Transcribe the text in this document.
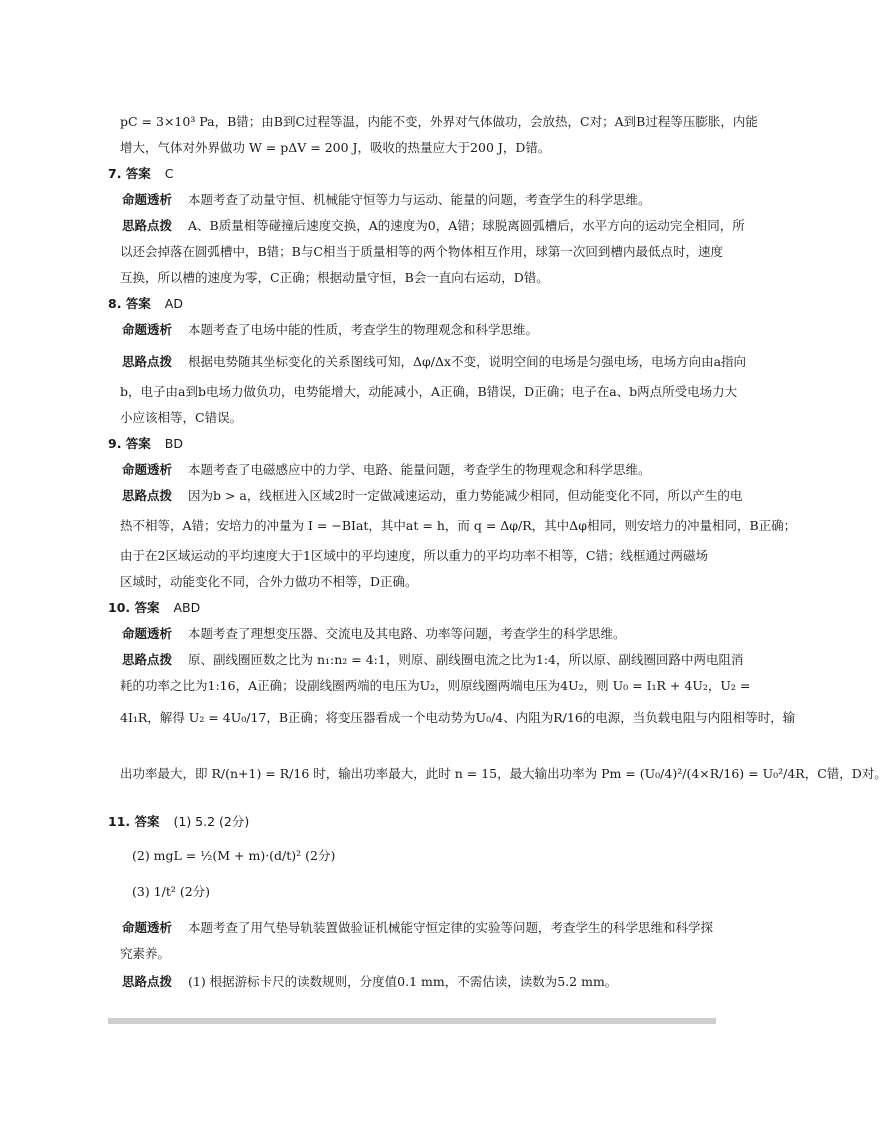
pC = 3×10³ Pa，B错；由B到C过程等温，内能不变，外界对气体做功，会放热，C对；A到B过程等压膨胀，内能
增大，气体对外界做功 W = pΔV = 200 J，吸收的热量应大于200 J，D错。
7. 答案 C
命题透析 本题考查了动量守恒、机械能守恒等力与运动、能量的问题，考查学生的科学思维。
思路点拨 A、B质量相等碰撞后速度交换，A的速度为0，A错；球脱离圆弧槽后，水平方向的运动完全相同，所
以还会掉落在圆弧槽中，B错；B与C相当于质量相等的两个物体相互作用，球第一次回到槽内最低点时，速度
互换，所以槽的速度为零，C正确；根据动量守恒，B会一直向右运动，D错。
8. 答案 AD
命题透析 本题考查了电场中能的性质，考查学生的物理观念和科学思维。
思路点拨 根据电势随其坐标变化的关系图线可知，Δφ/Δx不变，说明空间的电场是匀强电场，电场方向由a指向
b，电子由a到b电场力做负功，电势能增大，动能减小，A正确，B错误，D正确；电子在a、b两点所受电场力大
小应该相等，C错误。
9. 答案 BD
命题透析 本题考查了电磁感应中的力学、电路、能量问题，考查学生的物理观念和科学思维。
思路点拨 因为b > a，线框进入区域2时一定做减速运动，重力势能减少相同，但动能变化不同，所以产生的电
热不相等，A错；安培力的冲量为 I = −BIat，其中at = h，而 q = Δφ/R，其中Δφ相同，则安培力的冲量相同，B正确；
由于在2区域运动的平均速度大于1区域中的平均速度，所以重力的平均功率不相等，C错；线框通过两磁场
区域时，动能变化不同，合外力做功不相等，D正确。
10. 答案 ABD
命题透析 本题考查了理想变压器、交流电及其电路、功率等问题，考查学生的科学思维。
思路点拨 原、副线圈匝数之比为 n₁:n₂ = 4:1，则原、副线圈电流之比为1:4，所以原、副线圈回路中两电阻消
耗的功率之比为1:16，A正确；设副线圈两端的电压为U₂，则原线圈两端电压为4U₂，则 U₀ = I₁R + 4U₂，U₂ =
4I₁R，解得 U₂ = 4U₀/17，B正确；将变压器看成一个电动势为U₀/4、内阻为R/16的电源，当负载电阻与内阻相等时，输
出功率最大，即 R/(n+1) = R/16 时，输出功率最大，此时 n = 15，最大输出功率为 Pm = (U₀/4)²/(4×R/16) = U₀²/4R，C错，D对。
11. 答案 (1) 5.2 (2分)
(2) mgL = ½(M + m)·(d/t)² (2分)
(3) 1/t² (2分)
命题透析 本题考查了用气垫导轨装置做验证机械能守恒定律的实验等问题，考查学生的科学思维和科学探
究素养。
思路点拨 (1) 根据游标卡尺的读数规则，分度值0.1 mm，不需估读，读数为5.2 mm。
